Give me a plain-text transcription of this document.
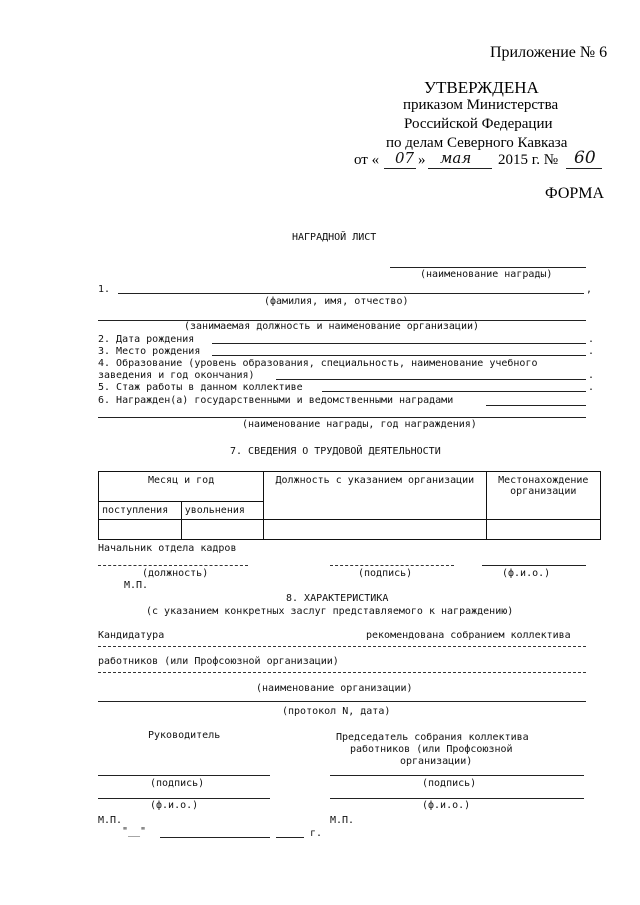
Приложение № 6
УТВЕРЖДЕНА
приказом Министерства
Российской Федерации
по делам Северного Кавказа
от « 07 » мая 2015 г. № 60
ФОРМА
НАГРАДНОЙ ЛИСТ
(наименование награды)
1.	,
(фамилия, имя, отчество)
(занимаемая должность и наименование организации)
2. Дата рождения	.
3. Место рождения	.
4. Образование (уровень образования, специальность, наименование учебного
заведения и год окончания)	.
5. Стаж работы в данном коллективе	.
6. Награжден(а) государственными и ведомственными наградами
(наименование награды, год награждения)
7. СВЕДЕНИЯ О ТРУДОВОЙ ДЕЯТЕЛЬНОСТИ
Месяц и год		Должность с указанием организации	Местонахождение
организации

поступления	увольнения		

Начальник отдела кадров
(должность)
М.П.
(подпись)	(ф.и.о.)
8. ХАРАКТЕРИСТИКА
(с указанием конкретных заслуг представляемого к награждению)
Кандидатура	рекомендована собранием коллектива
работников (или Профсоюзной организации)
(наименование организации)
(протокол N, дата)
Руководитель	Председатель собрания коллектива
работников (или Профсоюзной
организации)
(подпись)	(подпись)
(ф.и.о.)	(ф.и.о.)
М.П.	М.П.
"__"	г.
